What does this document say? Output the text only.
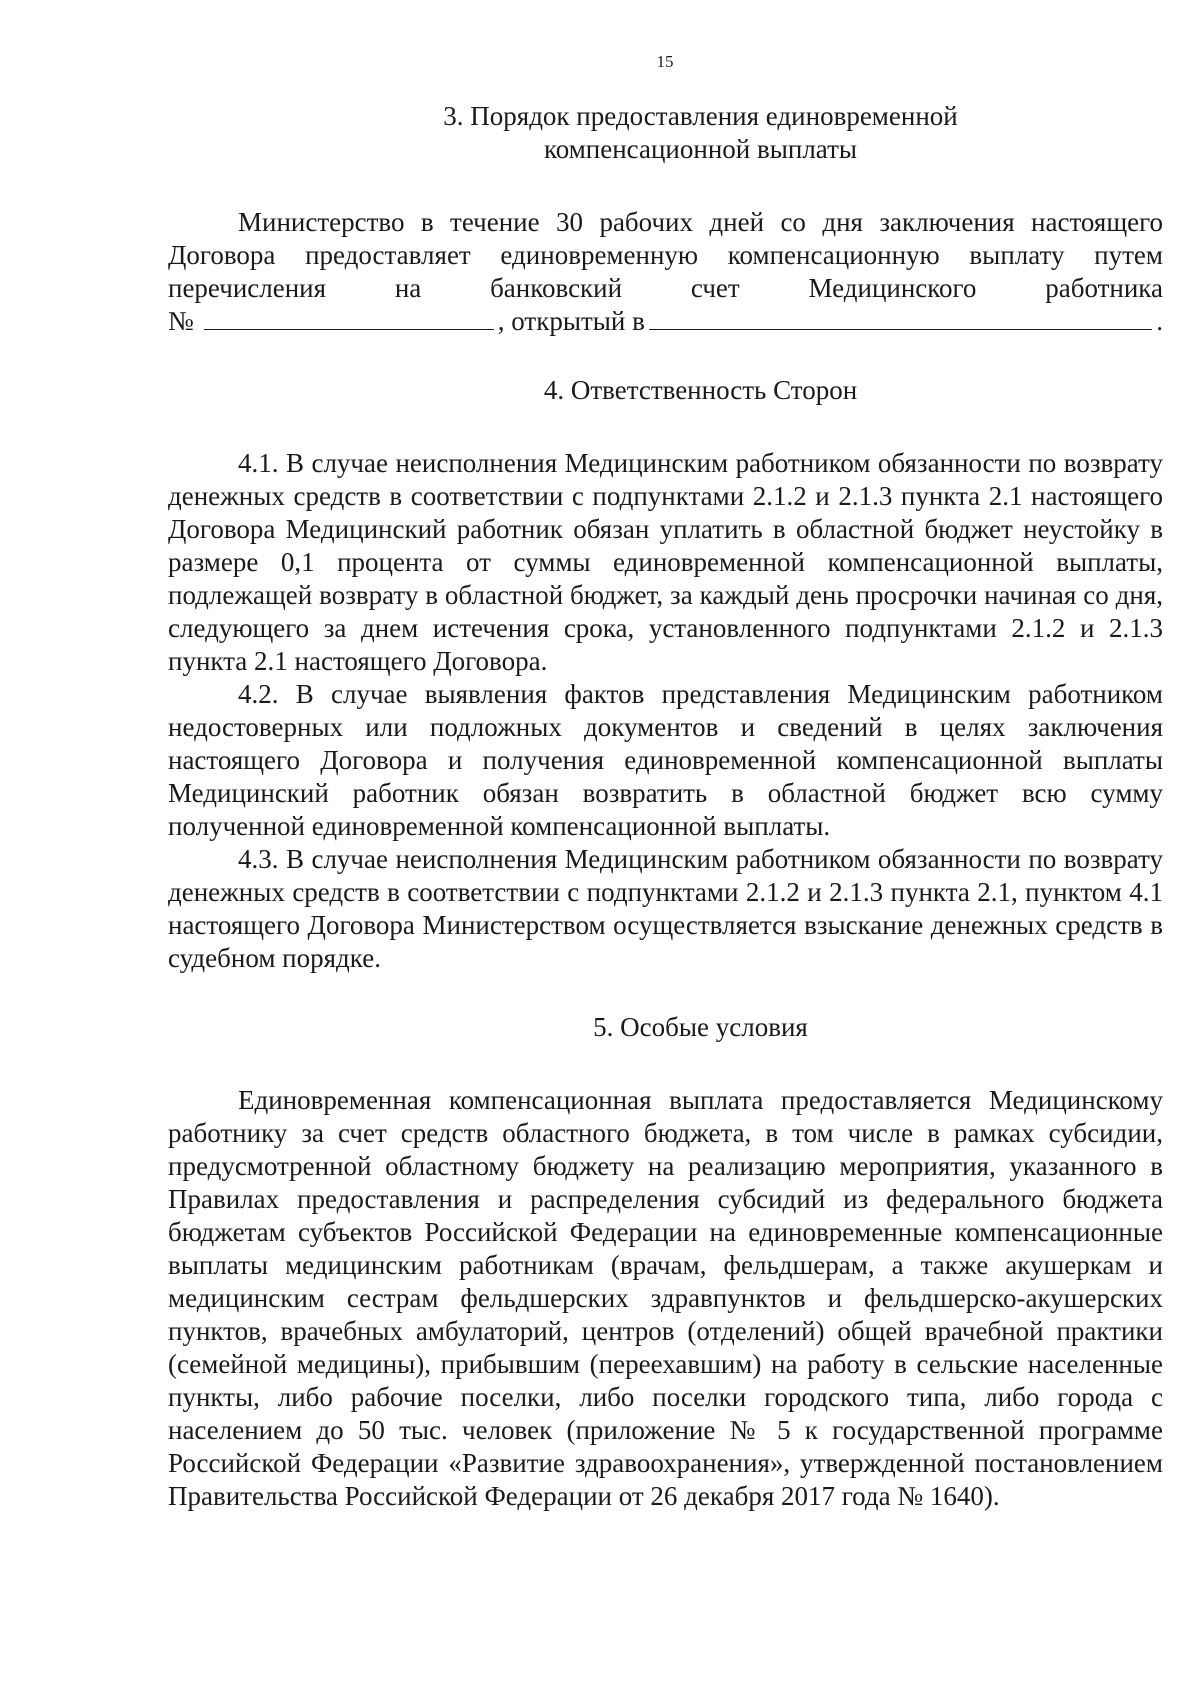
15
3. Порядок предоставления единовременной
компенсационной выплаты

Министерство в течение 30 рабочих дней со дня заключения настоящего Договора предоставляет единовременную компенсационную выплату путем перечисления на банковский счет Медицинского работника

№	, открытый в	.
4. Ответственность Сторон

4.1. В случае неисполнения Медицинским работником обязанности по возврату денежных средств в соответствии с подпунктами 2.1.2 и 2.1.3 пункта 2.1 настоящего Договора Медицинский работник обязан уплатить в областной бюджет неустойку в размере 0,1 процента от суммы единовременной компенсационной выплаты, подлежащей возврату в областной бюджет, за каждый день просрочки начиная со дня, следующего за днем истечения срока, установленного подпунктами 2.1.2 и 2.1.3 пункта 2.1 настоящего Договора.

4.2. В случае выявления фактов представления Медицинским работником недостоверных или подложных документов и сведений в целях заключения настоящего Договора и получения единовременной компенсационной выплаты Медицинский работник обязан возвратить в областной бюджет всю сумму полученной единовременной компенсационной выплаты.

4.3. В случае неисполнения Медицинским работником обязанности по возврату денежных средств в соответствии с подпунктами 2.1.2 и 2.1.3 пункта 2.1, пунктом 4.1 настоящего Договора Министерством осуществляется взыскание денежных средств в судебном порядке.

5. Особые условия

Единовременная компенсационная выплата предоставляется Медицинскому работнику за счет средств областного бюджета, в том числе в рамках субсидии, предусмотренной областному бюджету на реализацию мероприятия, указанного в Правилах предоставления и распределения субсидий из федерального бюджета бюджетам субъектов Российской Федерации на единовременные компенсационные выплаты медицинским работникам (врачам, фельдшерам, а также акушеркам и медицинским сестрам фельдшерских здравпунктов и фельдшерско-акушерских пунктов, врачебных амбулаторий, центров (отделений) общей врачебной практики (семейной медицины), прибывшим (переехавшим) на работу в сельские населенные пункты, либо рабочие поселки, либо поселки городского типа, либо города с населением до 50 тыс. человек (приложение № 5 к государственной программе Российской Федерации «Развитие здравоохранения», утвержденной постановлением Правительства Российской Федерации от 26 декабря 2017 года № 1640).
